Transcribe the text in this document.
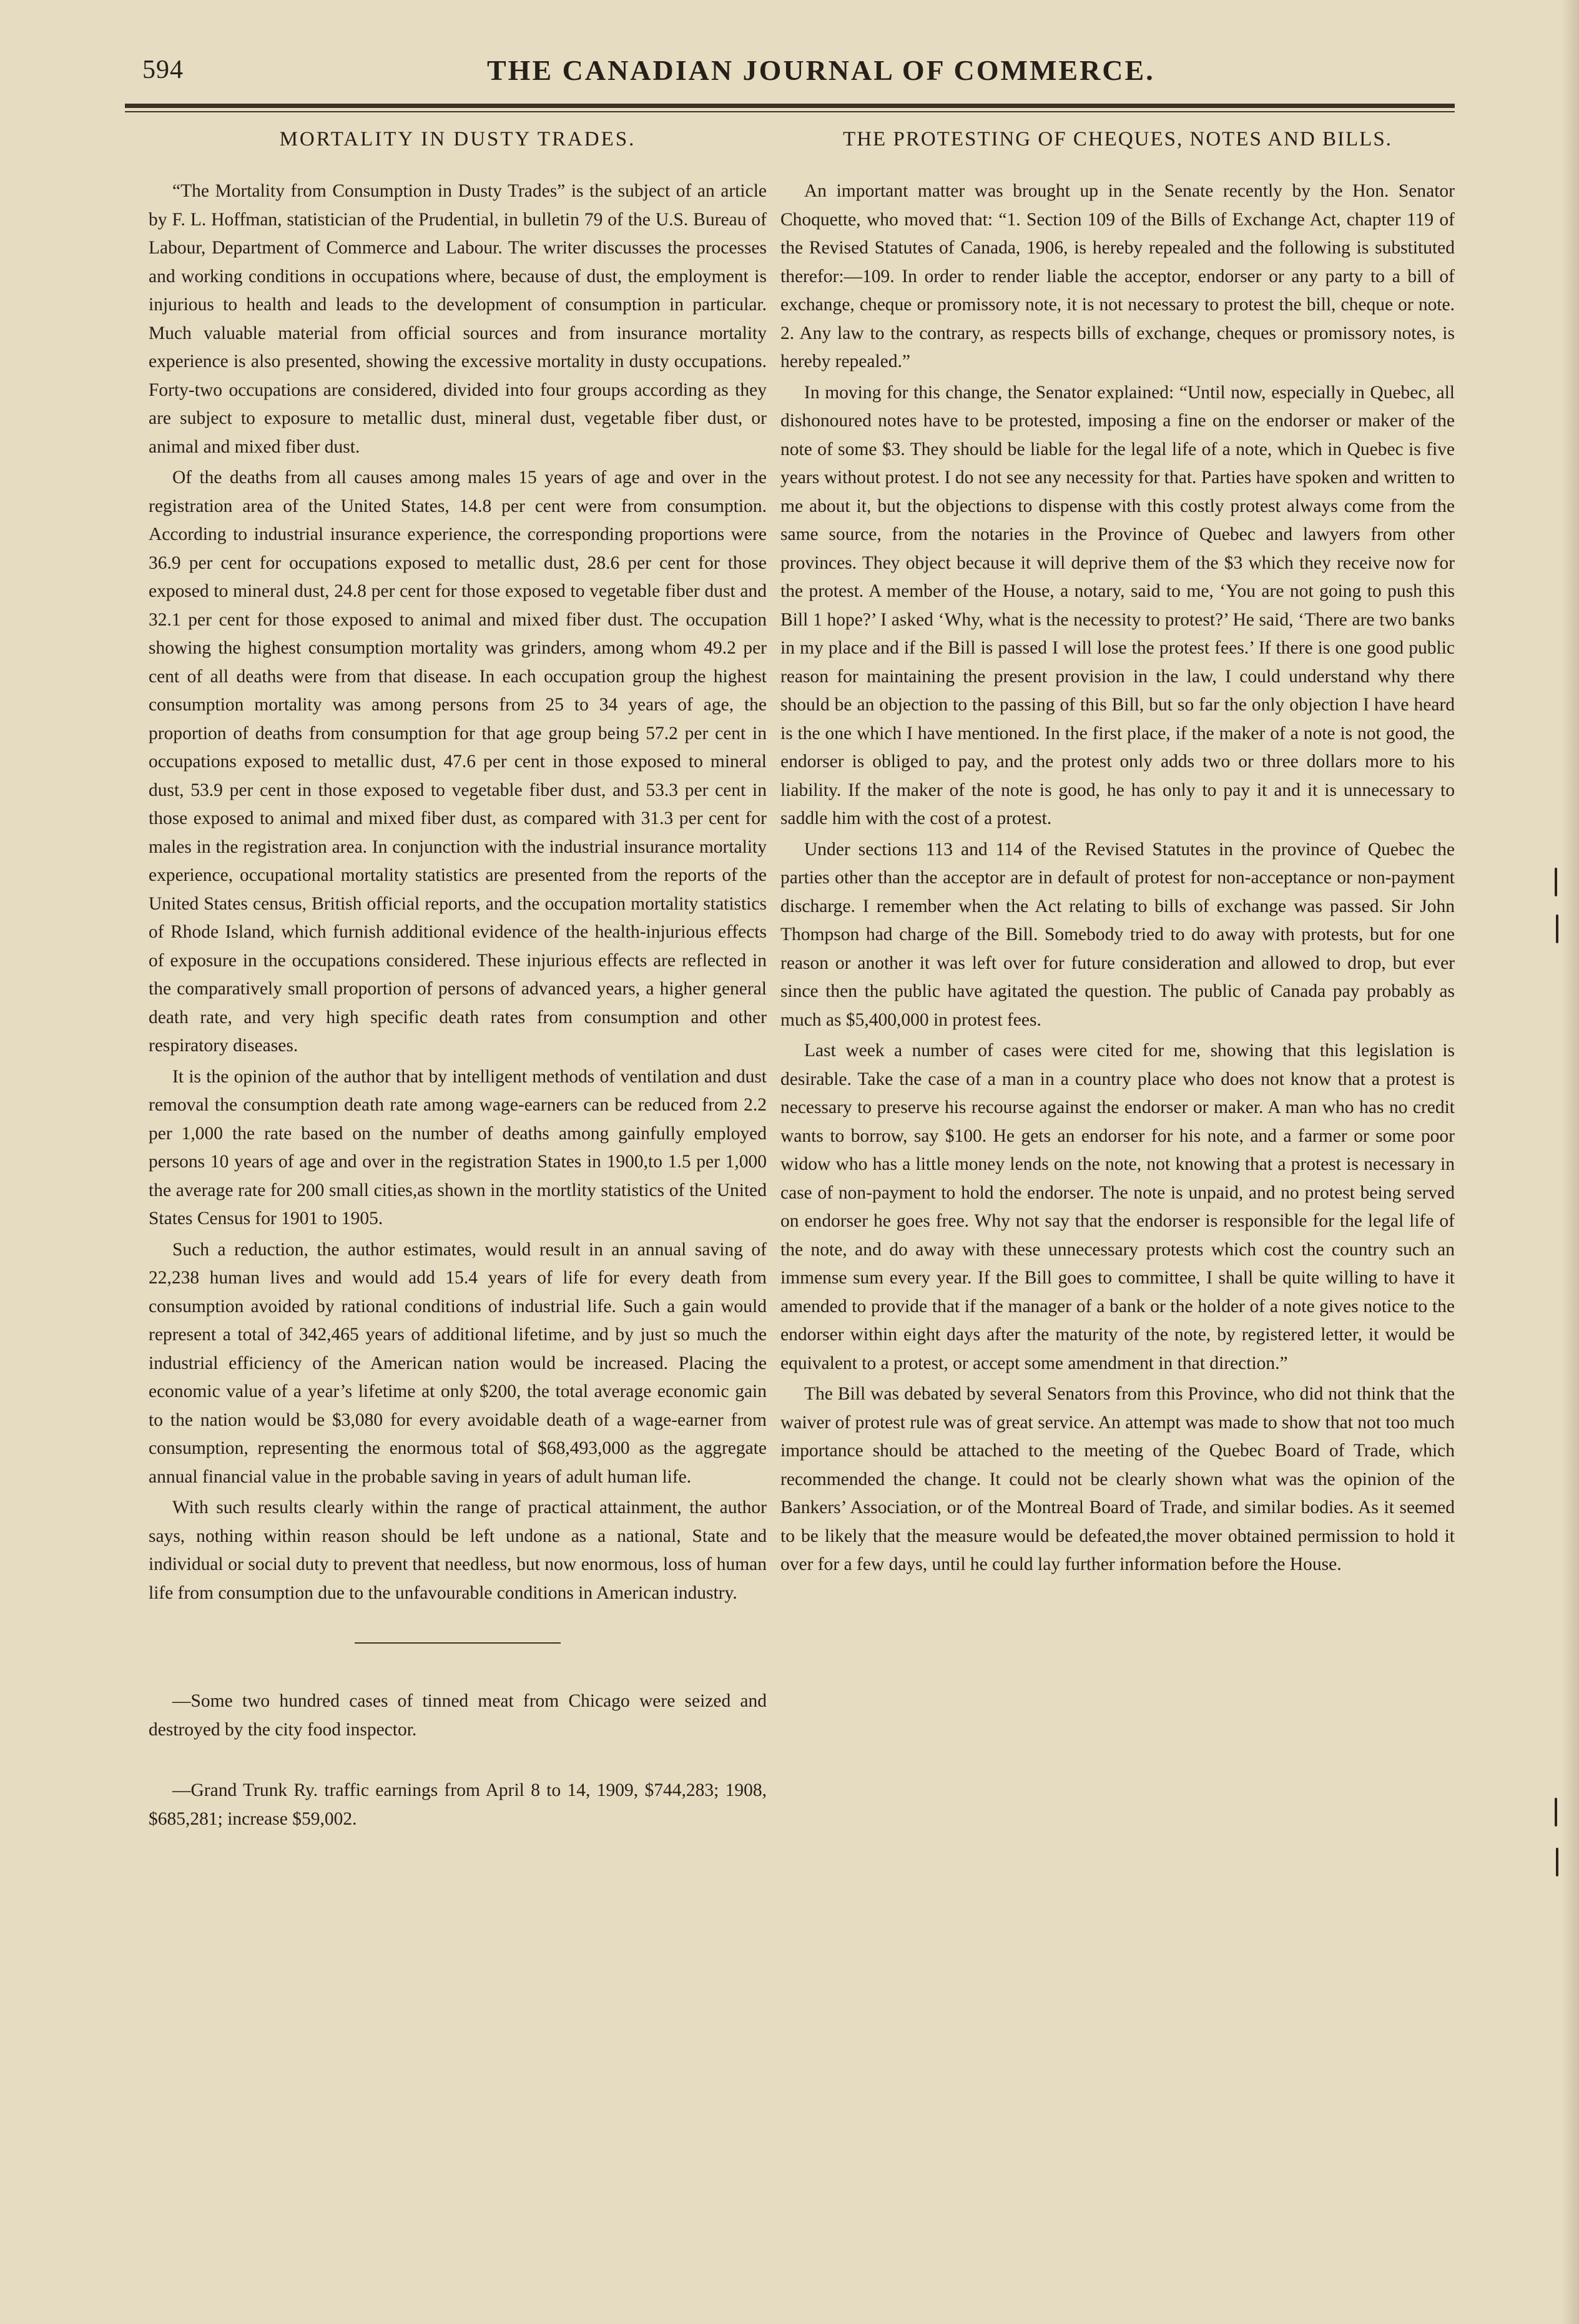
594	THE CANADIAN JOURNAL OF COMMERCE.
MORTALITY IN DUSTY TRADES.

“The Mortality from Consumption in Dusty Trades” is the subject of an article by F. L. Hoffman, statistician of the Prudential, in bulletin 79 of the U.S. Bureau of Labour, Department of Commerce and Labour. The writer discusses the processes and working conditions in occupations where, because of dust, the employment is injurious to health and leads to the development of consumption in particular. Much valuable material from official sources and from insurance mortality experience is also presented, showing the excessive mortality in dusty occupations. Forty-two occupations are considered, divided into four groups according as they are subject to exposure to metallic dust, mineral dust, vegetable fiber dust, or animal and mixed fiber dust.

Of the deaths from all causes among males 15 years of age and over in the registration area of the United States, 14.8 per cent were from consumption. According to industrial insurance experience, the corresponding proportions were 36.9 per cent for occupations exposed to metallic dust, 28.6 per cent for those exposed to mineral dust, 24.8 per cent for those exposed to vegetable fiber dust and 32.1 per cent for those exposed to animal and mixed fiber dust. The occupation showing the highest consumption mortality was grinders, among whom 49.2 per cent of all deaths were from that disease. In each occupation group the highest consumption mortality was among persons from 25 to 34 years of age, the proportion of deaths from consumption for that age group being 57.2 per cent in occupations exposed to metallic dust, 47.6 per cent in those exposed to mineral dust, 53.9 per cent in those exposed to vegetable fiber dust, and 53.3 per cent in those exposed to animal and mixed fiber dust, as compared with 31.3 per cent for males in the registration area. In conjunction with the industrial insurance mortality experience, occupational mortality statistics are presented from the reports of the United States census, British official reports, and the occupation mortality statistics of Rhode Island, which furnish additional evidence of the health-injurious effects of exposure in the occupations considered. These injurious effects are reflected in the comparatively small proportion of persons of advanced years, a higher general death rate, and very high specific death rates from consumption and other respiratory diseases.

It is the opinion of the author that by intelligent methods of ventilation and dust removal the consumption death rate among wage-earners can be reduced from 2.2 per 1,000 the rate based on the number of deaths among gainfully employed persons 10 years of age and over in the registration States in 1900,to 1.5 per 1,000 the average rate for 200 small cities,as shown in the mortlity statistics of the United States Census for 1901 to 1905.

Such a reduction, the author estimates, would result in an annual saving of 22,238 human lives and would add 15.4 years of life for every death from consumption avoided by rational conditions of industrial life. Such a gain would represent a total of 342,465 years of additional lifetime, and by just so much the industrial efficiency of the American nation would be increased. Placing the economic value of a year’s lifetime at only $200, the total average economic gain to the nation would be $3,080 for every avoidable death of a wage-earner from consumption, representing the enormous total of $68,493,000 as the aggregate annual financial value in the probable saving in years of adult human life.

With such results clearly within the range of practical attainment, the author says, nothing within reason should be left undone as a national, State and individual or social duty to prevent that needless, but now enormous, loss of human life from consumption due to the unfavourable conditions in American industry.

—Some two hundred cases of tinned meat from Chicago were seized and destroyed by the city food inspector.

—Grand Trunk Ry. traffic earnings from April 8 to 14, 1909, $744,283; 1908, $685,281; increase $59,002.

THE PROTESTING OF CHEQUES, NOTES AND BILLS.

An important matter was brought up in the Senate recently by the Hon. Senator Choquette, who moved that: “1. Section 109 of the Bills of Exchange Act, chapter 119 of the Revised Statutes of Canada, 1906, is hereby repealed and the following is substituted therefor:—109. In order to render liable the acceptor, endorser or any party to a bill of exchange, cheque or promissory note, it is not necessary to protest the bill, cheque or note. 2. Any law to the contrary, as respects bills of exchange, cheques or promissory notes, is hereby repealed.”

In moving for this change, the Senator explained: “Until now, especially in Quebec, all dishonoured notes have to be protested, imposing a fine on the endorser or maker of the note of some $3. They should be liable for the legal life of a note, which in Quebec is five years without protest. I do not see any necessity for that. Parties have spoken and written to me about it, but the objections to dispense with this costly protest always come from the same source, from the notaries in the Province of Quebec and lawyers from other provinces. They object because it will deprive them of the $3 which they receive now for the protest. A member of the House, a notary, said to me, ‘You are not going to push this Bill 1 hope?’ I asked ‘Why, what is the necessity to protest?’ He said, ‘There are two banks in my place and if the Bill is passed I will lose the protest fees.’ If there is one good public reason for maintaining the present provision in the law, I could understand why there should be an objection to the passing of this Bill, but so far the only objection I have heard is the one which I have mentioned. In the first place, if the maker of a note is not good, the endorser is obliged to pay, and the protest only adds two or three dollars more to his liability. If the maker of the note is good, he has only to pay it and it is unnecessary to saddle him with the cost of a protest.

Under sections 113 and 114 of the Revised Statutes in the province of Quebec the parties other than the acceptor are in default of protest for non-acceptance or non-payment discharge. I remember when the Act relating to bills of exchange was passed. Sir John Thompson had charge of the Bill. Somebody tried to do away with protests, but for one reason or another it was left over for future consideration and allowed to drop, but ever since then the public have agitated the question. The public of Canada pay probably as much as $5,400,000 in protest fees.

Last week a number of cases were cited for me, showing that this legislation is desirable. Take the case of a man in a country place who does not know that a protest is necessary to preserve his recourse against the endorser or maker. A man who has no credit wants to borrow, say $100. He gets an endorser for his note, and a farmer or some poor widow who has a little money lends on the note, not knowing that a protest is necessary in case of non-payment to hold the endorser. The note is unpaid, and no protest being served on endorser he goes free. Why not say that the endorser is responsible for the legal life of the note, and do away with these unnecessary protests which cost the country such an immense sum every year. If the Bill goes to committee, I shall be quite willing to have it amended to provide that if the manager of a bank or the holder of a note gives notice to the endorser within eight days after the maturity of the note, by registered letter, it would be equivalent to a protest, or accept some amendment in that direction.”

The Bill was debated by several Senators from this Province, who did not think that the waiver of protest rule was of great service. An attempt was made to show that not too much importance should be attached to the meeting of the Quebec Board of Trade, which recommended the change. It could not be clearly shown what was the opinion of the Bankers’ Association, or of the Montreal Board of Trade, and similar bodies. As it seemed to be likely that the measure would be defeated,the mover obtained permission to hold it over for a few days, until he could lay further information before the House.
